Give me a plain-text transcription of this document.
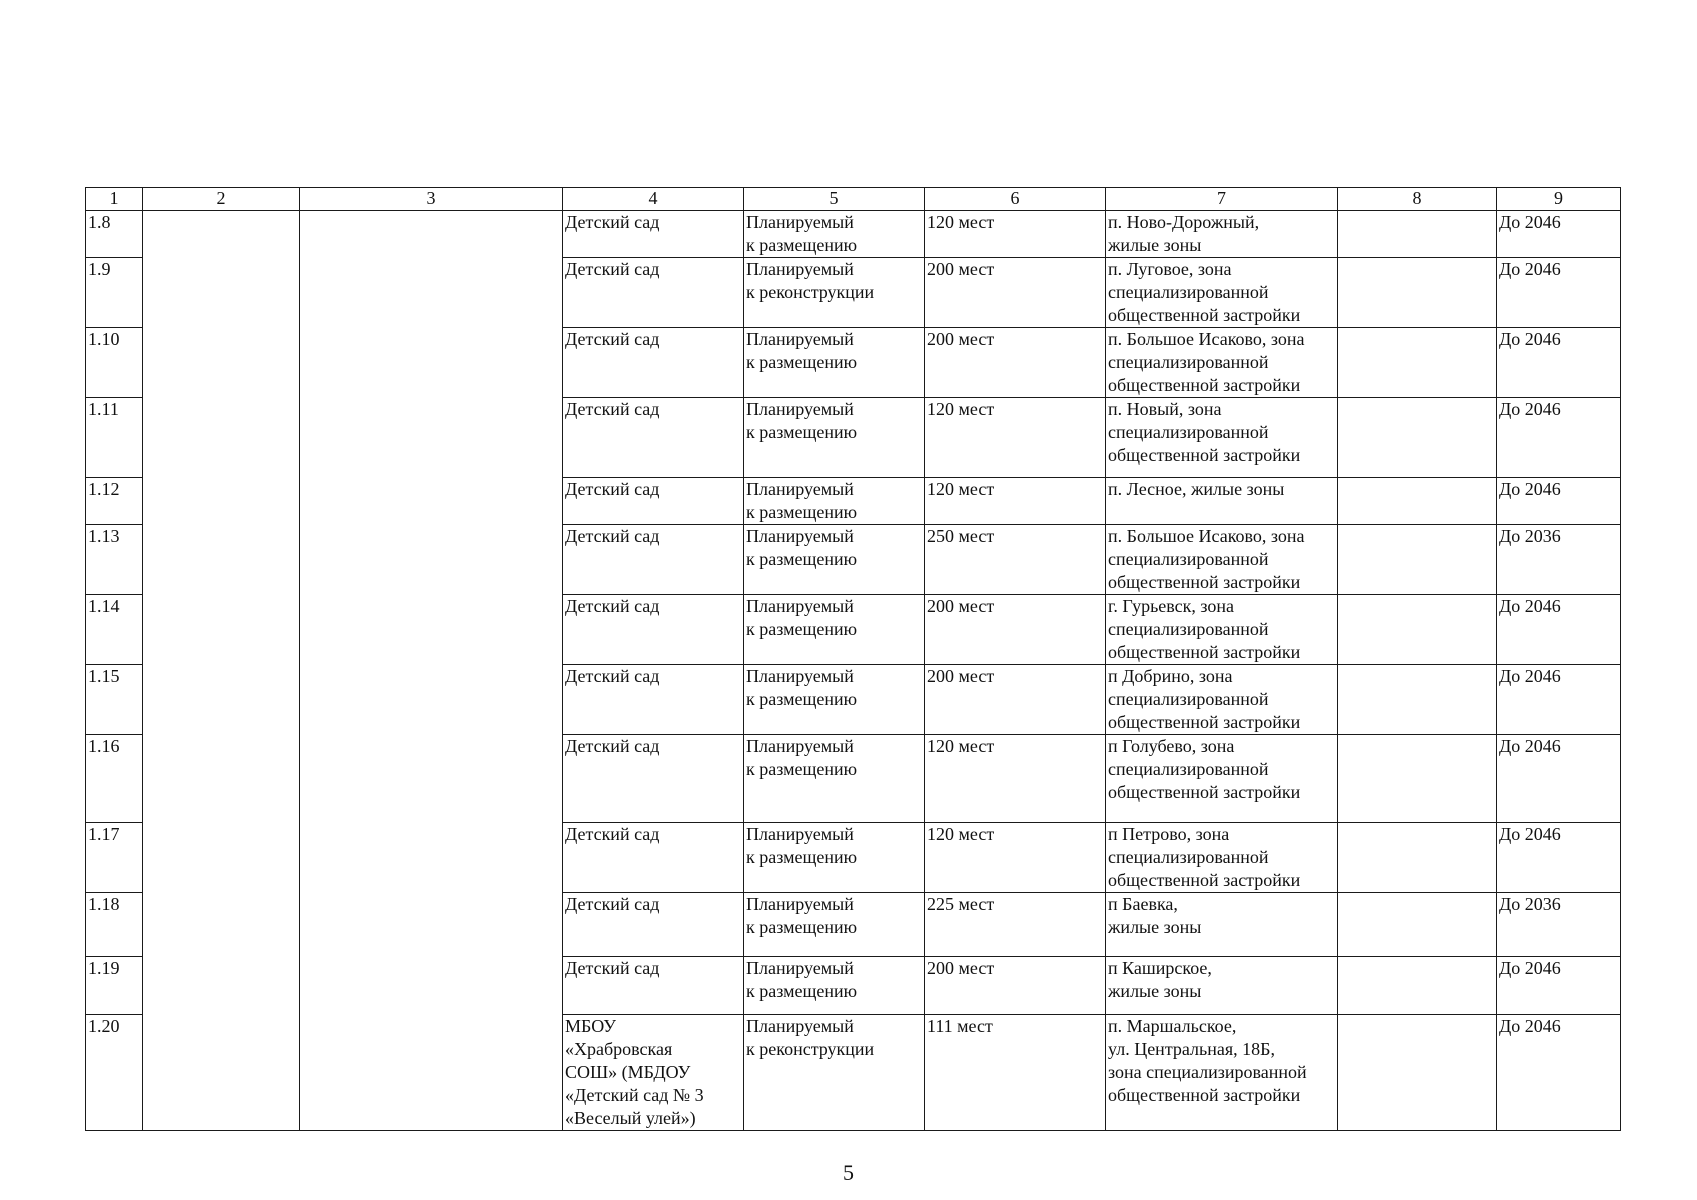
1	2	3	4	5	6	7	8	9
1.8			Детский сад	Планируемый
к размещению	120 мест	п. Ново-Дорожный,
жилые зоны		До 2046
1.9			Детский сад	Планируемый
к реконструкции	200 мест	п. Луговое, зона
специализированной
общественной застройки		До 2046
1.10			Детский сад	Планируемый
к размещению	200 мест	п. Большое Исаково, зона
специализированной
общественной застройки		До 2046
1.11			Детский сад	Планируемый
к размещению	120 мест	п. Новый, зона
специализированной
общественной застройки		До 2046
1.12			Детский сад	Планируемый
к размещению	120 мест	п. Лесное, жилые зоны		До 2046
1.13			Детский сад	Планируемый
к размещению	250 мест	п. Большое Исаково, зона
специализированной
общественной застройки		До 2036
1.14			Детский сад	Планируемый
к размещению	200 мест	г. Гурьевск, зона
специализированной
общественной застройки		До 2046
1.15			Детский сад	Планируемый
к размещению	200 мест	п Добрино, зона
специализированной
общественной застройки		До 2046
1.16			Детский сад	Планируемый
к размещению	120 мест	п Голубево, зона
специализированной
общественной застройки		До 2046
1.17			Детский сад	Планируемый
к размещению	120 мест	п Петрово, зона
специализированной
общественной застройки		До 2046
1.18			Детский сад	Планируемый
к размещению	225 мест	п Баевка,
жилые зоны		До 2036
1.19			Детский сад	Планируемый
к размещению	200 мест	п Каширское,
жилые зоны		До 2046
1.20			МБОУ
«Храбровская
СОШ» (МБДОУ
«Детский сад № 3
«Веселый улей»)	Планируемый
к реконструкции	111 мест	п. Маршальское,
ул. Центральная, 18Б,
зона специализированной
общественной застройки		До 2046
5
